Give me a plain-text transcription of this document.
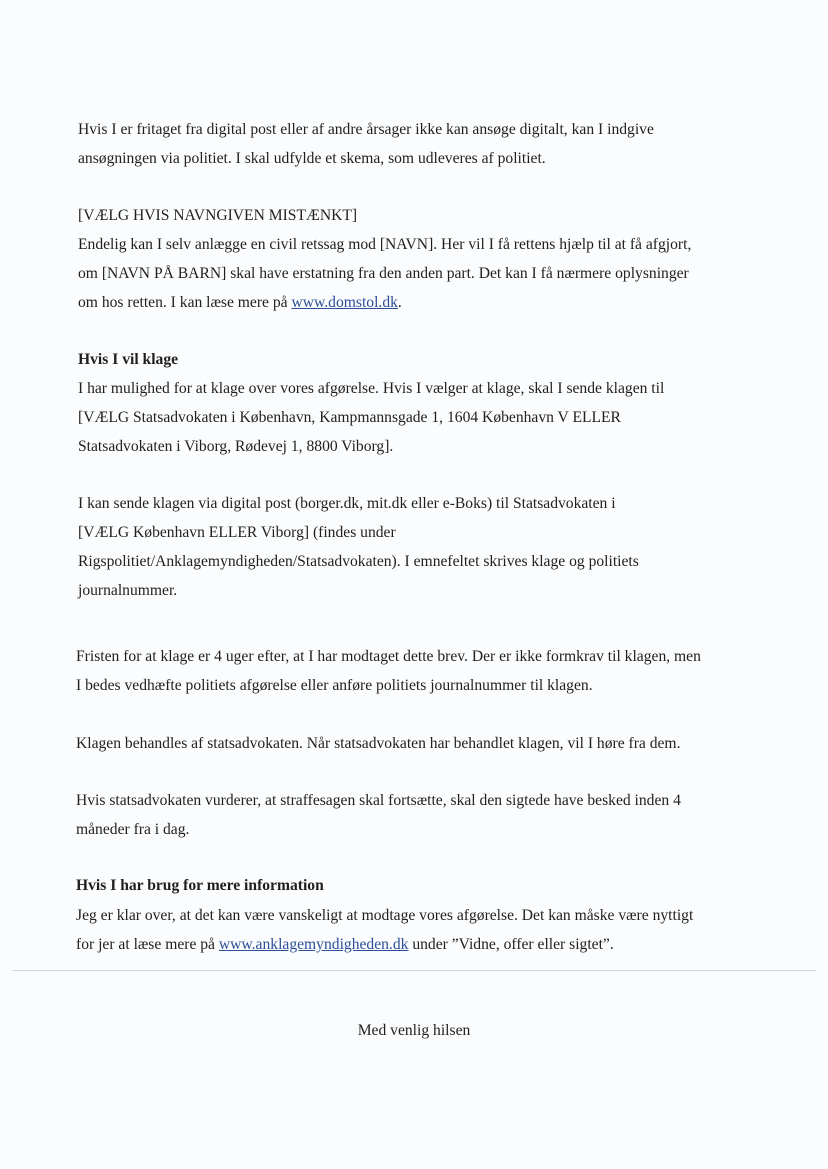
Hvis I er fritaget fra digital post eller af andre årsager ikke kan ansøge digitalt, kan I indgive
ansøgningen via politiet. I skal udfylde et skema, som udleveres af politiet.
[VÆLG HVIS NAVNGIVEN MISTÆNKT]
Endelig kan I selv anlægge en civil retssag mod [NAVN]. Her vil I få rettens hjælp til at få afgjort,
om [NAVN PÅ BARN] skal have erstatning fra den anden part. Det kan I få nærmere oplysninger
om hos retten. I kan læse mere på www.domstol.dk.
Hvis I vil klage
I har mulighed for at klage over vores afgørelse. Hvis I vælger at klage, skal I sende klagen til
[VÆLG Statsadvokaten i København, Kampmannsgade 1, 1604 København V ELLER
Statsadvokaten i Viborg, Rødevej 1, 8800 Viborg].
I kan sende klagen via digital post (borger.dk, mit.dk eller e-Boks) til Statsadvokaten i
[VÆLG København ELLER Viborg] (findes under
Rigspolitiet/Anklagemyndigheden/Statsadvokaten). I emnefeltet skrives klage og politiets
journalnummer.
Fristen for at klage er 4 uger efter, at I har modtaget dette brev. Der er ikke formkrav til klagen, men
I bedes vedhæfte politiets afgørelse eller anføre politiets journalnummer til klagen.
Klagen behandles af statsadvokaten. Når statsadvokaten har behandlet klagen, vil I høre fra dem.
Hvis statsadvokaten vurderer, at straffesagen skal fortsætte, skal den sigtede have besked inden 4
måneder fra i dag.
Hvis I har brug for mere information
Jeg er klar over, at det kan være vanskeligt at modtage vores afgørelse. Det kan måske være nyttigt
for jer at læse mere på www.anklagemyndigheden.dk under ”Vidne, offer eller sigtet”.
Med venlig hilsen
